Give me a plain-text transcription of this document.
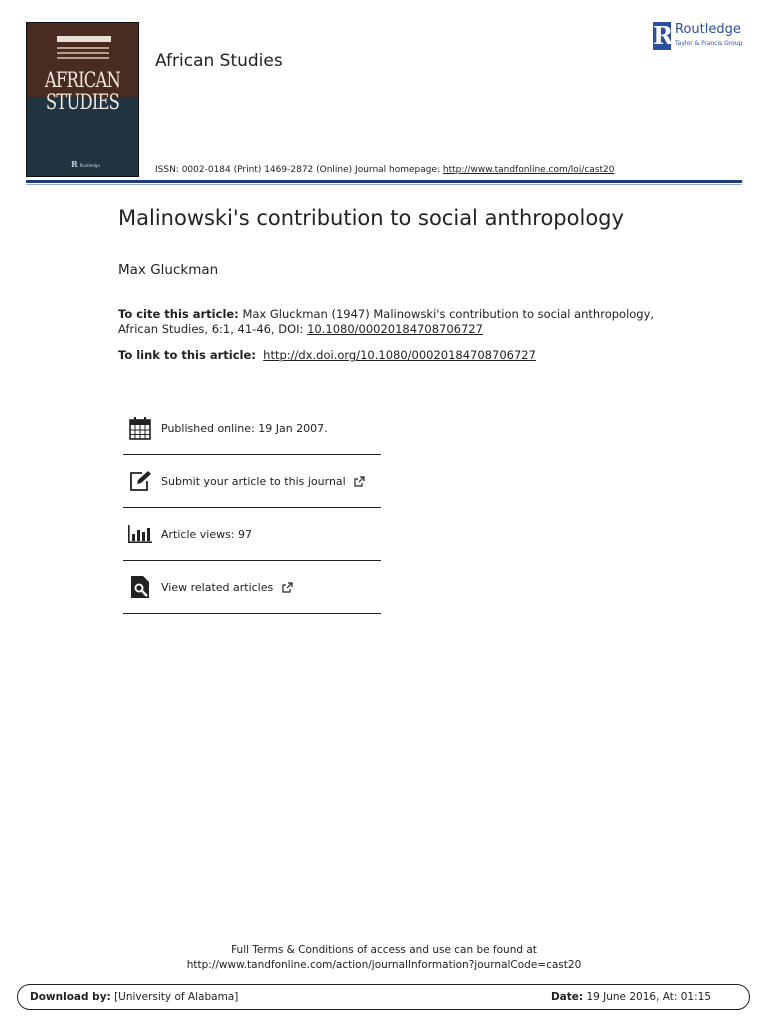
AFRICAN STUDIES
R Routledge
African Studies
ISSN: 0002-0184 (Print) 1469-2872 (Online) Journal homepage: http://www.tandfonline.com/loi/cast20
R Routledge
Taylor & Francis Group
Malinowski's contribution to social anthropology
Max Gluckman
To cite this article: Max Gluckman (1947) Malinowski's contribution to social anthropology, African Studies, 6:1, 41-46, DOI: 10.1080/00020184708706727
To link to this article: http://dx.doi.org/10.1080/00020184708706727
Published online: 19 Jan 2007.
Submit your article to this journal
Article views: 97
View related articles
Full Terms & Conditions of access and use can be found at
http://www.tandfonline.com/action/journalInformation?journalCode=cast20
Download by: [University of Alabama]	Date: 19 June 2016, At: 01:15
